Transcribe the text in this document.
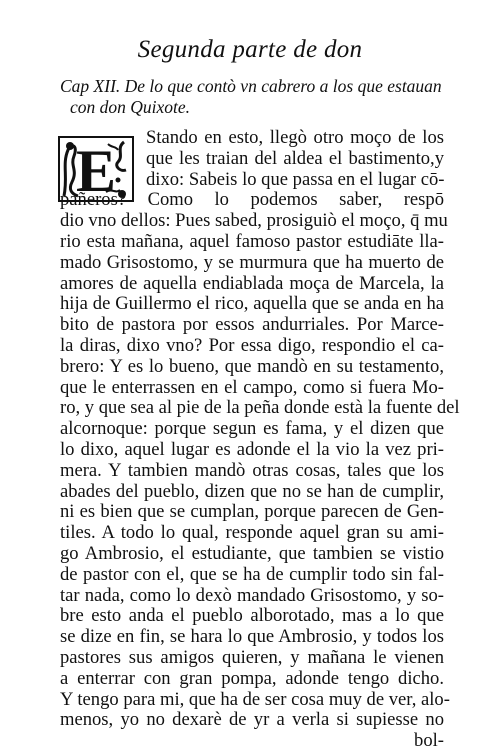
Segunda parte de don
Cap XII. De lo que contò vn cabrero a los que estauan
con don Quixote.
E
Stando en esto, llegò otro moço de los
que les traian del aldea el bastimento,y
dixo: Sabeis lo que passa en el lugar cō-
pañeros? Como lo podemos saber, respō
dio vno dellos: Pues sabed, prosiguiò el moço, q̄ mu
rio esta mañana, aquel famoso pastor estudiāte lla-
mado Grisostomo, y se murmura que ha muerto de
amores de aquella endiablada moça de Marcela, la
hija de Guillermo el rico, aquella que se anda en ha
bito de pastora por essos andurriales. Por Marce-
la diras, dixo vno? Por essa digo, respondio el ca-
brero: Y es lo bueno, que mandò en su testamento,
que le enterrassen en el campo, como si fuera Mo-
ro, y que sea al pie de la peña donde està la fuente del
alcornoque: porque segun es fama, y el dizen que
lo dixo, aquel lugar es adonde el la vio la vez pri-
mera. Y tambien mandò otras cosas, tales que los
abades del pueblo, dizen que no se han de cumplir,
ni es bien que se cumplan, porque parecen de Gen-
tiles. A todo lo qual, responde aquel gran su ami-
go Ambrosio, el estudiante, que tambien se vistio
de pastor con el, que se ha de cumplir todo sin fal-
tar nada, como lo dexò mandado Grisostomo, y so-
bre esto anda el pueblo alborotado, mas a lo que
se dize en fin, se hara lo que Ambrosio, y todos los
pastores sus amigos quieren, y mañana le vienen
a enterrar con gran pompa, adonde tengo dicho.
Y tengo para mi, que ha de ser cosa muy de ver, alo-
menos, yo no dexarè de yr a verla si supiesse no
bol-
